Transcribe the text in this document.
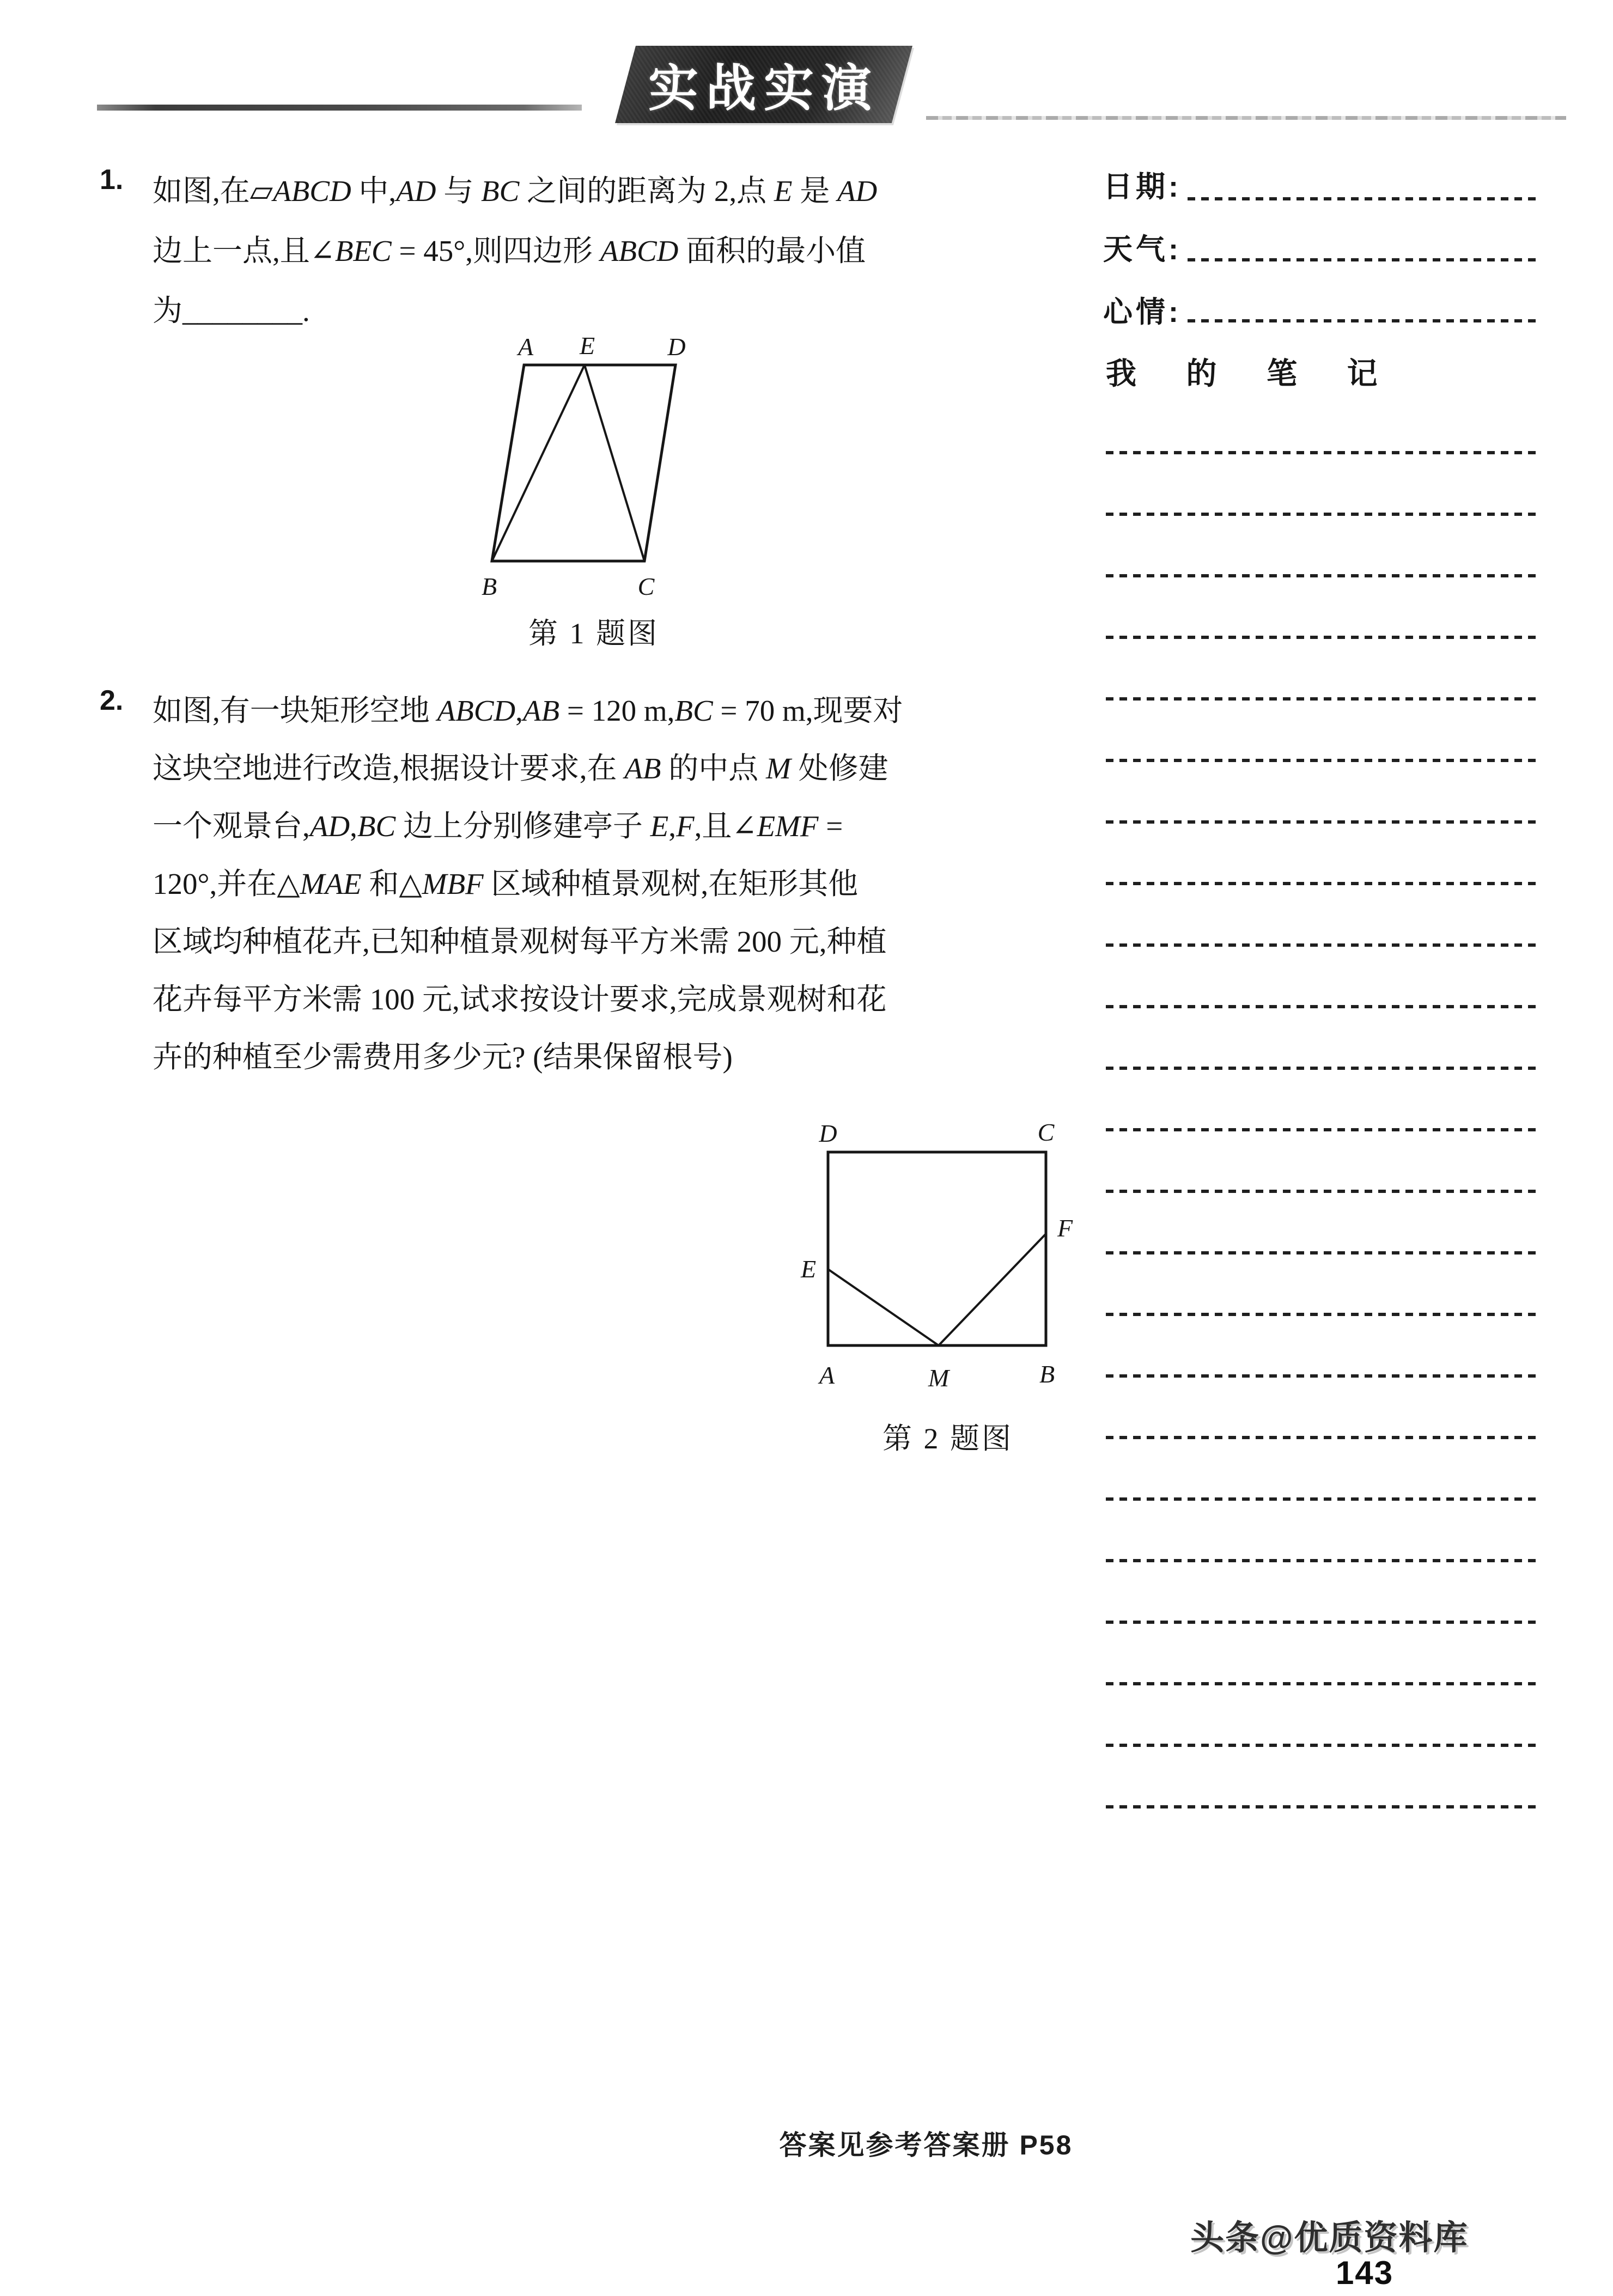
实战实演
1. 如图,在▱ABCD 中,AD 与 BC 之间的距离为 2,点 E 是 AD
边上一点,且∠BEC = 45°,则四边形 ABCD 面积的最小值
为________.
A E	D
B	C
第 1 题图
2. 如图,有一块矩形空地 ABCD,AB = 120 m,BC = 70 m,现要对
这块空地进行改造,根据设计要求,在 AB 的中点 M 处修建
一个观景台,AD,BC 边上分别修建亭子 E,F,且∠EMF =
120°,并在△MAE 和△MBF 区域种植景观树,在矩形其他
区域均种植花卉,已知种植景观树每平方米需 200 元,种植
花卉每平方米需 100 元,试求按设计要求,完成景观树和花
卉的种植至少需费用多少元? (结果保留根号)
D	C
E
F
A	M	B
第 2 题图
日期:
天气:
心情:
我 的 笔 记
答案见参考答案册 P58
头条@优质资料库
143
